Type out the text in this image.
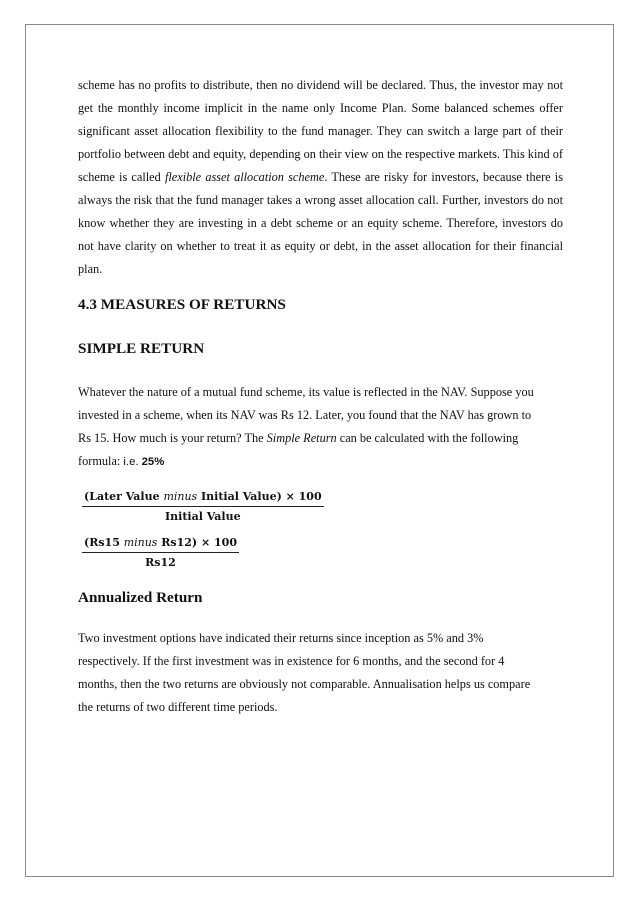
scheme has no profits to distribute, then no dividend will be declared. Thus, the investor may not get the monthly income implicit in the name only Income Plan. Some balanced schemes offer significant asset allocation flexibility to the fund manager. They can switch a large part of their portfolio between debt and equity, depending on their view on the respective markets. This kind of scheme is called flexible asset allocation scheme. These are risky for investors, because there is always the risk that the fund manager takes a wrong asset allocation call. Further, investors do not know whether they are investing in a debt scheme or an equity scheme. Therefore, investors do not have clarity on whether to treat it as equity or debt, in the asset allocation for their financial plan.

4.3 MEASURES OF RETURNS
SIMPLE RETURN

Whatever the nature of a mutual fund scheme, its value is reflected in the NAV. Suppose you

invested in a scheme, when its NAV was Rs 12. Later, you found that the NAV has grown to

Rs 15. How much is your return? The Simple Return can be calculated with the following

formula: i.e. 25%

$\frac{\text{(Later Value minus Initial Value) × 100}}{\text{Initial Value}}$

$\frac{\text{(Rs15 minus Rs12) × 100}}{Rs12}$
Annualized Return

Two investment options have indicated their returns since inception as 5% and 3%

respectively. If the first investment was in existence for 6 months, and the second for 4

months, then the two returns are obviously not comparable. Annualisation helps us compare

the returns of two different time periods.
